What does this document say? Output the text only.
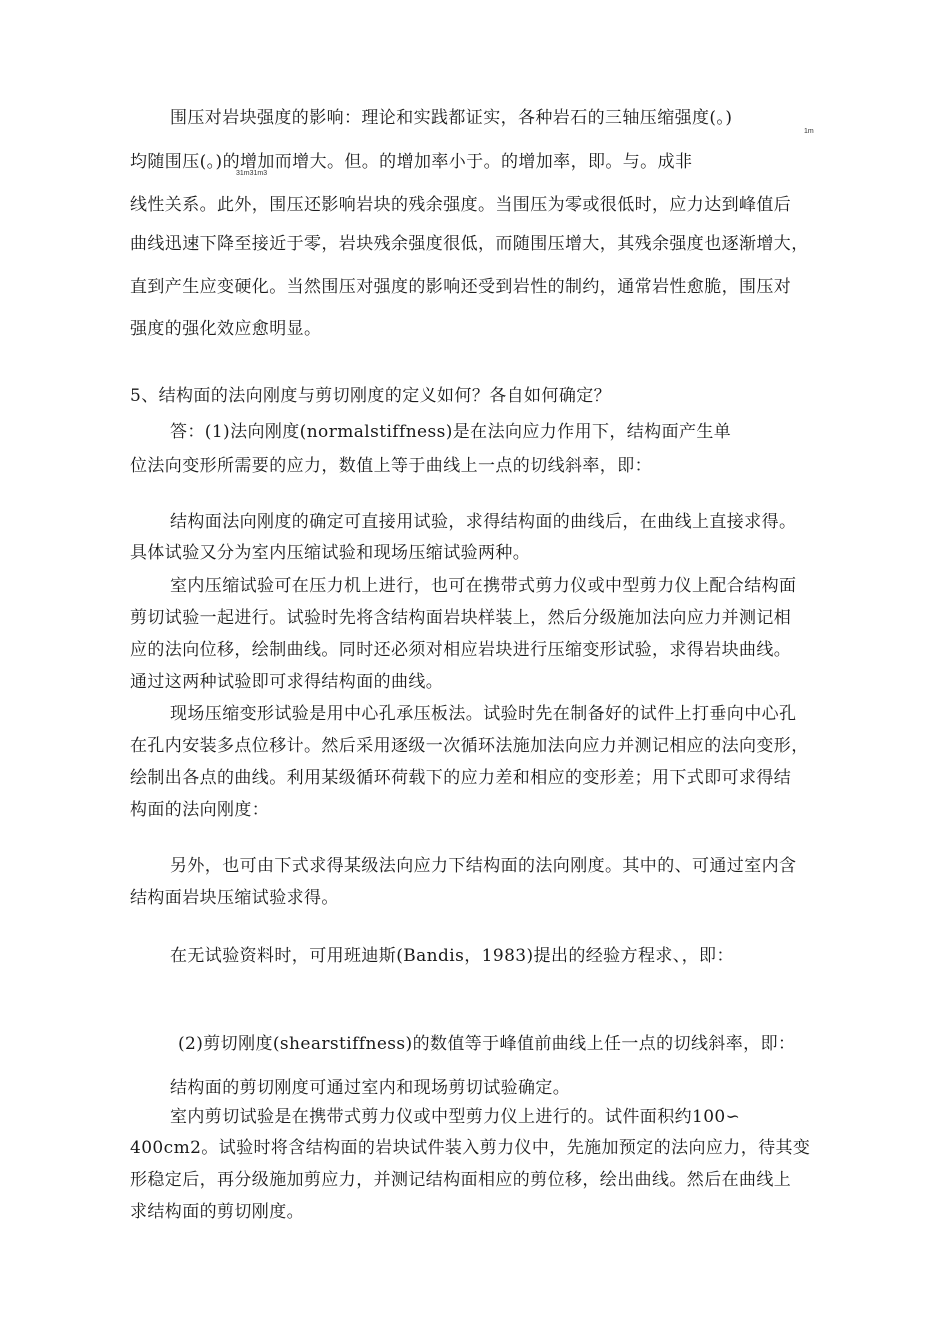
围压对岩块强度的影响：理论和实践都证实，各种岩石的三轴压缩强度(。)
1m
均随围压(。)的增加而增大。但。的增加率小于。的增加率，即。与。成非
31m31m3
线性关系。此外，围压还影响岩块的残余强度。当围压为零或很低时，应力达到峰值后
曲线迅速下降至接近于零，岩块残余强度很低，而随围压增大，其残余强度也逐渐增大，
直到产生应变硬化。当然围压对强度的影响还受到岩性的制约，通常岩性愈脆，围压对
强度的强化效应愈明显。
5、结构面的法向刚度与剪切刚度的定义如何？各自如何确定？
答：(1)法向刚度(normalstiffness)是在法向应力作用下，结构面产生单
位法向变形所需要的应力，数值上等于曲线上一点的切线斜率，即：
结构面法向刚度的确定可直接用试验，求得结构面的曲线后，在曲线上直接求得。
具体试验又分为室内压缩试验和现场压缩试验两种。
室内压缩试验可在压力机上进行，也可在携带式剪力仪或中型剪力仪上配合结构面
剪切试验一起进行。试验时先将含结构面岩块样装上，然后分级施加法向应力并测记相
应的法向位移，绘制曲线。同时还必须对相应岩块进行压缩变形试验，求得岩块曲线。
通过这两种试验即可求得结构面的曲线。
现场压缩变形试验是用中心孔承压板法。试验时先在制备好的试件上打垂向中心孔
在孔内安装多点位移计。然后采用逐级一次循环法施加法向应力并测记相应的法向变形，
绘制出各点的曲线。利用某级循环荷载下的应力差和相应的变形差；用下式即可求得结
构面的法向刚度：
另外，也可由下式求得某级法向应力下结构面的法向刚度。其中的、可通过室内含
结构面岩块压缩试验求得。
在无试验资料时，可用班迪斯(Bandis，1983)提出的经验方程求、，即：
(2)剪切刚度(shearstiffness)的数值等于峰值前曲线上任一点的切线斜率，即：
结构面的剪切刚度可通过室内和现场剪切试验确定。
室内剪切试验是在携带式剪力仪或中型剪力仪上进行的。试件面积约100∽
400cm2。试验时将含结构面的岩块试件装入剪力仪中，先施加预定的法向应力，待其变
形稳定后，再分级施加剪应力，并测记结构面相应的剪位移，绘出曲线。然后在曲线上
求结构面的剪切刚度。
